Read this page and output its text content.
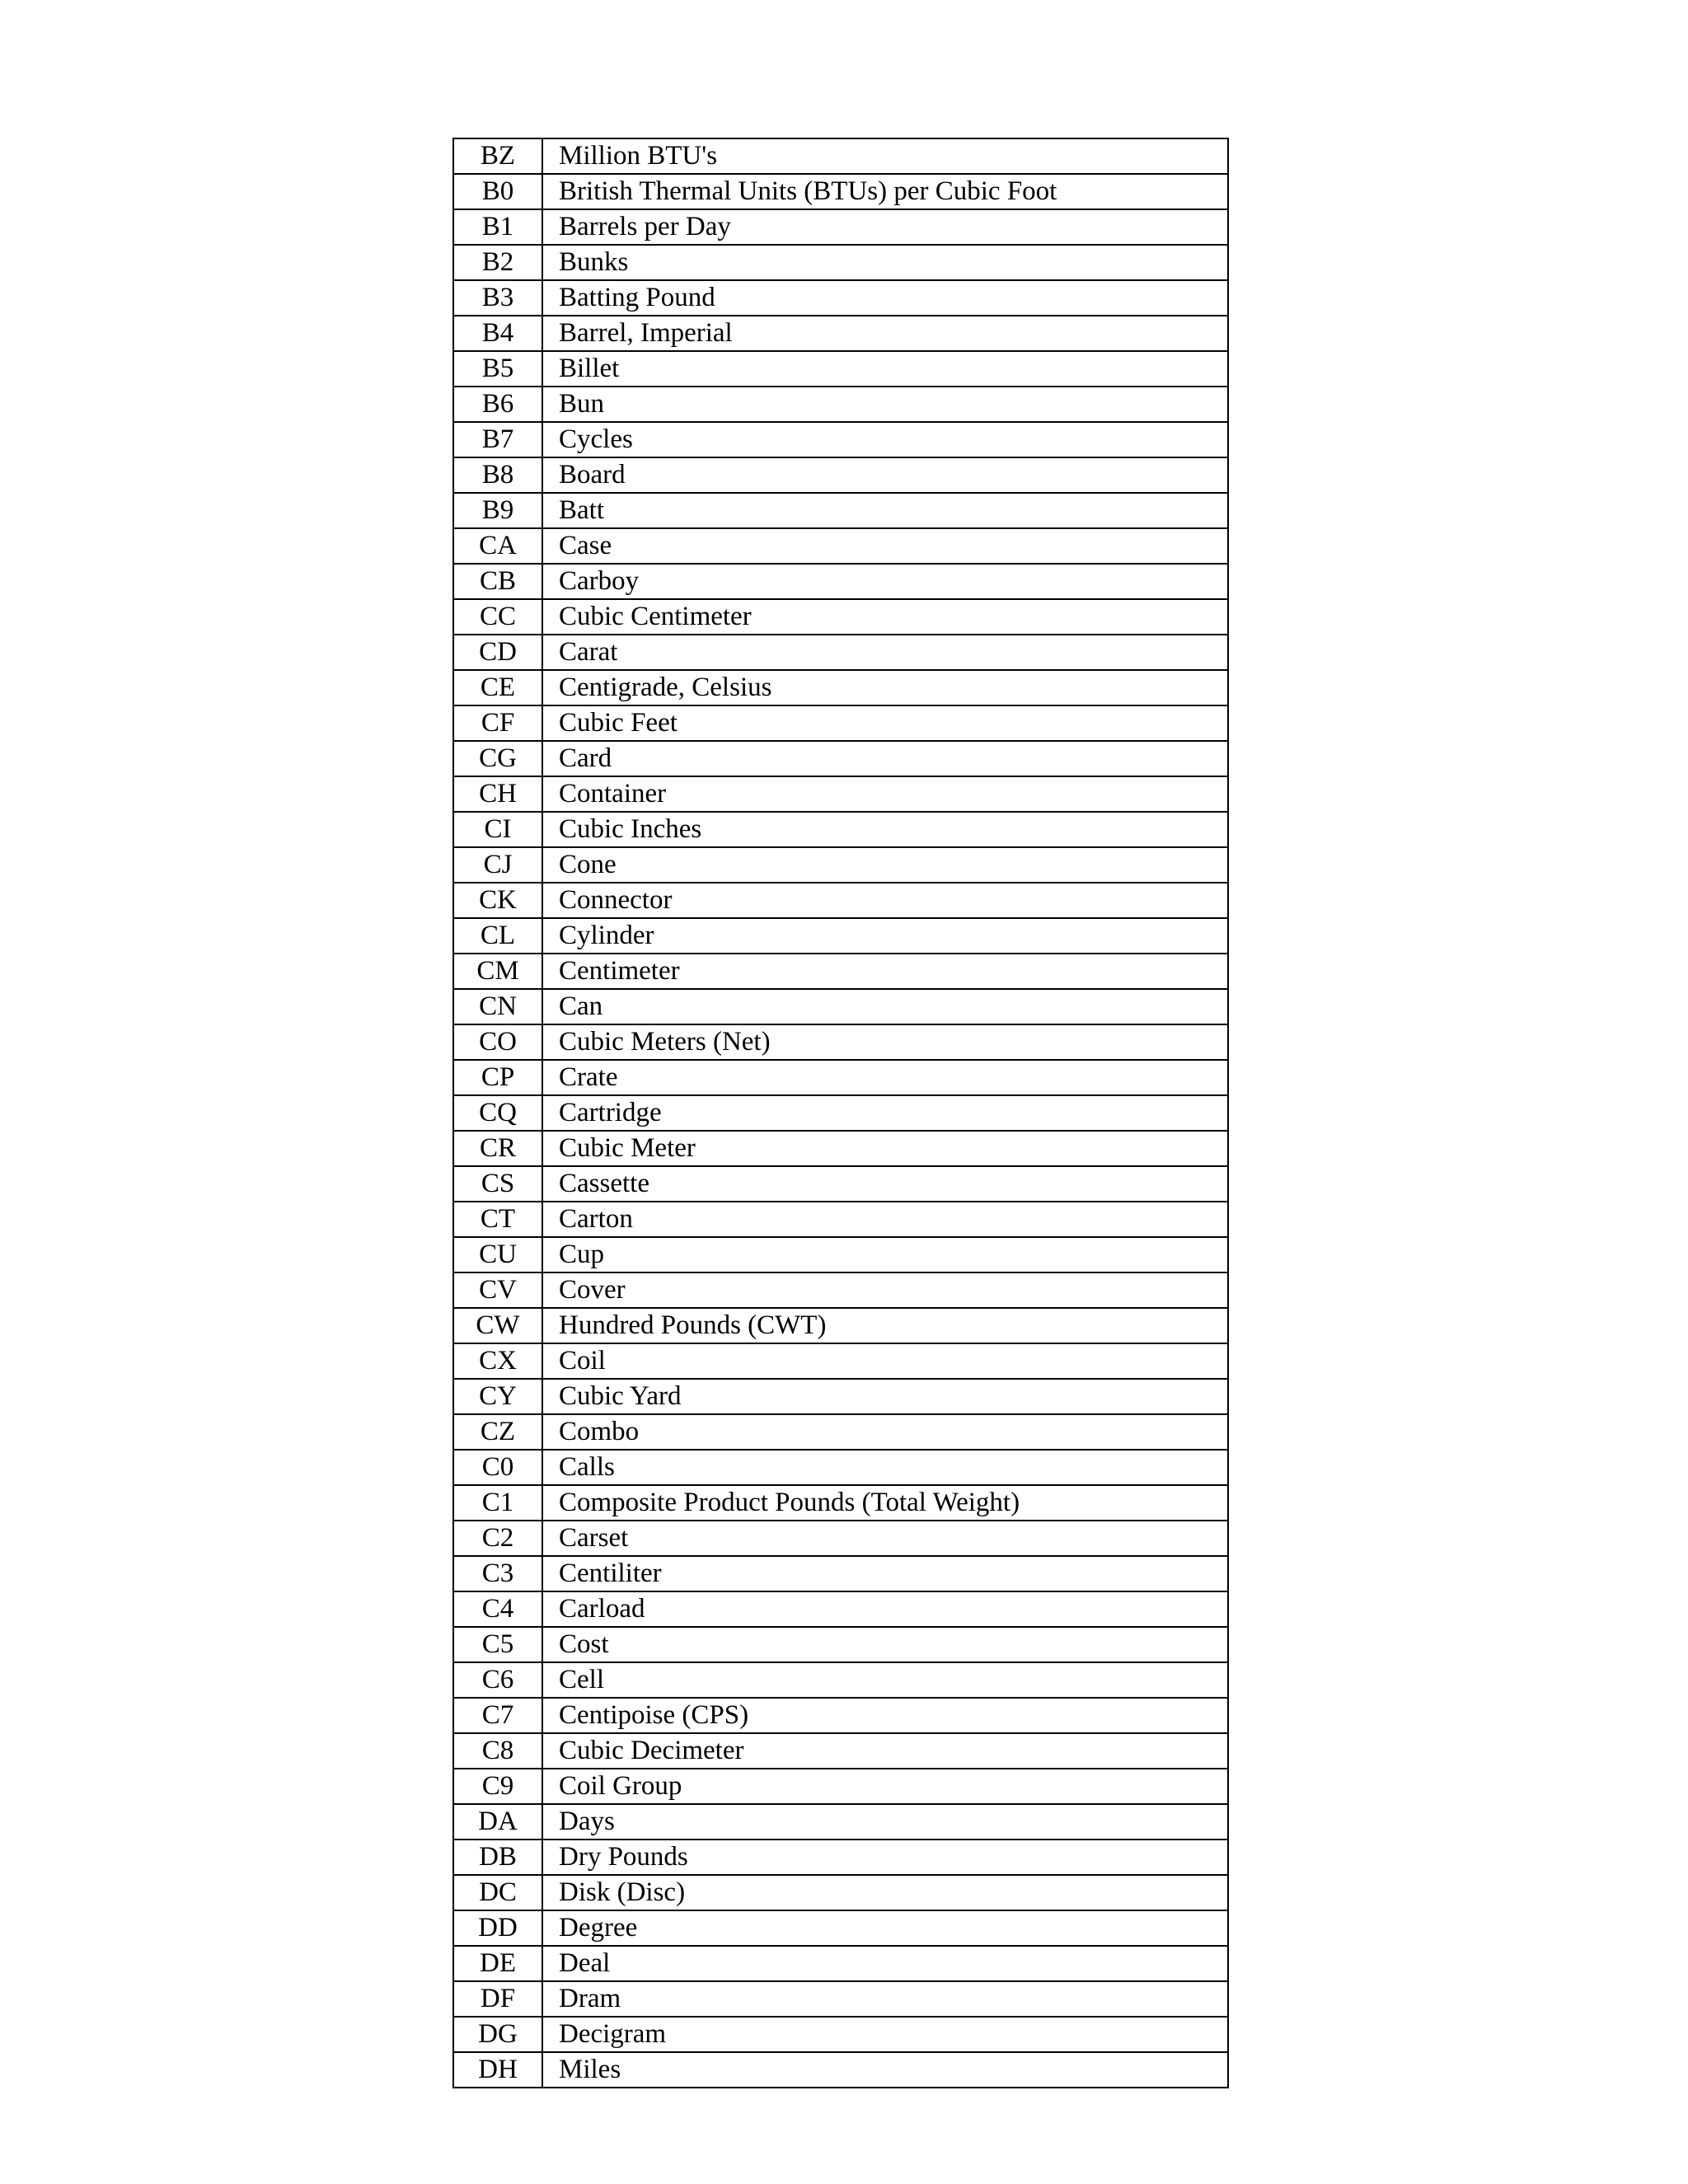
BZ	Million BTU's
B0	British Thermal Units (BTUs) per Cubic Foot
B1	Barrels per Day
B2	Bunks
B3	Batting Pound
B4	Barrel, Imperial
B5	Billet
B6	Bun
B7	Cycles
B8	Board
B9	Batt
CA	Case
CB	Carboy
CC	Cubic Centimeter
CD	Carat
CE	Centigrade, Celsius
CF	Cubic Feet
CG	Card
CH	Container
CI	Cubic Inches
CJ	Cone
CK	Connector
CL	Cylinder
CM	Centimeter
CN	Can
CO	Cubic Meters (Net)
CP	Crate
CQ	Cartridge
CR	Cubic Meter
CS	Cassette
CT	Carton
CU	Cup
CV	Cover
CW	Hundred Pounds (CWT)
CX	Coil
CY	Cubic Yard
CZ	Combo
C0	Calls
C1	Composite Product Pounds (Total Weight)
C2	Carset
C3	Centiliter
C4	Carload
C5	Cost
C6	Cell
C7	Centipoise (CPS)
C8	Cubic Decimeter
C9	Coil Group
DA	Days
DB	Dry Pounds
DC	Disk (Disc)
DD	Degree
DE	Deal
DF	Dram
DG	Decigram
DH	Miles
